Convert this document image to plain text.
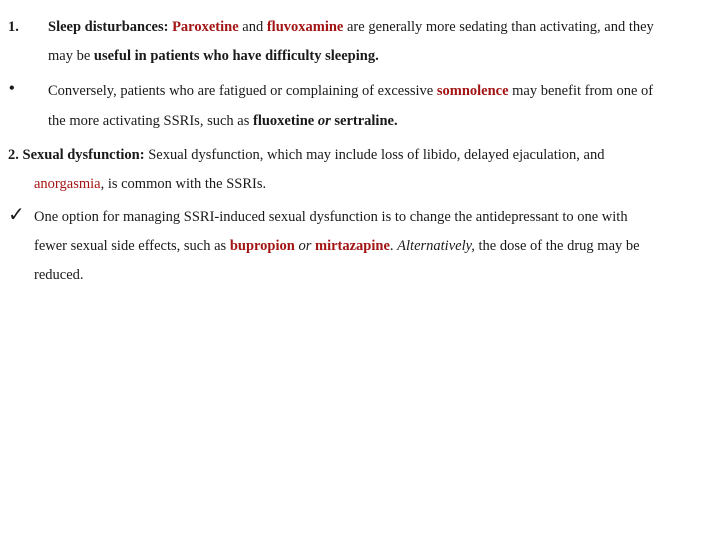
1. Sleep disturbances: Paroxetine and fluvoxamine are generally more sedating than activating, and they
may be useful in patients who have difficulty sleeping.
• Conversely, patients who are fatigued or complaining of excessive somnolence may benefit from one of
the more activating SSRIs, such as fluoxetine or sertraline.
2. Sexual dysfunction: Sexual dysfunction, which may include loss of libido, delayed ejaculation, and
anorgasmia, is common with the SSRIs.
✓ One option for managing SSRI-induced sexual dysfunction is to change the antidepressant to one with
fewer sexual side effects, such as bupropion or mirtazapine. Alternatively, the dose of the drug may be
reduced.
